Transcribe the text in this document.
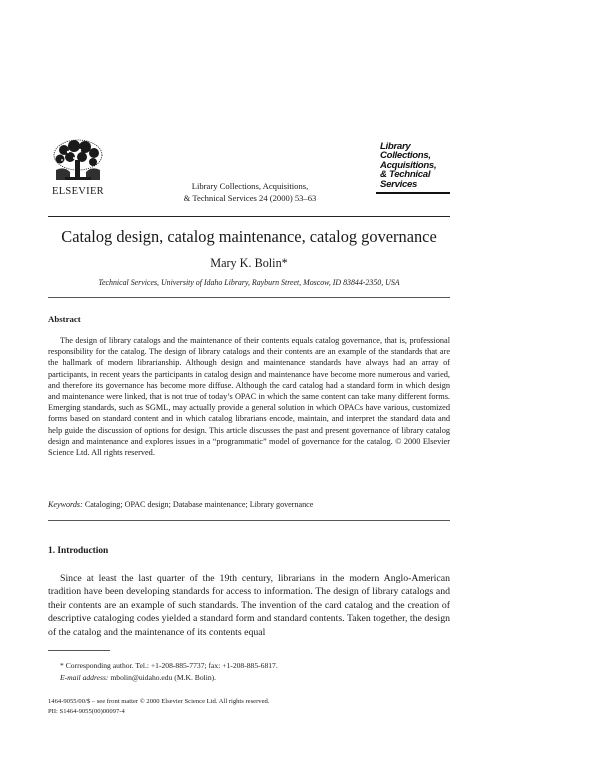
ELSEVIER	Library Collections, Acquisitions,
& Technical Services 24 (2000) 53–63
Library
Collections,
Acquisitions,
& Technical
Services
Catalog design, catalog maintenance, catalog governance
Mary K. Bolin*
Technical Services, University of Idaho Library, Rayburn Street, Moscow, ID 83844-2350, USA
Abstract

The design of library catalogs and the maintenance of their contents equals catalog governance, that is, professional responsibility for the catalog. The design of library catalogs and their contents are an example of the standards that are the hallmark of modern librarianship. Although design and maintenance standards have always had an array of participants, in recent years the participants in catalog design and maintenance have become more numerous and varied, and therefore its governance has become more diffuse. Although the card catalog had a standard form in which design and maintenance were linked, that is not true of today’s OPAC in which the same content can take many different forms. Emerging standards, such as SGML, may actually provide a general solution in which OPACs have various, customized forms based on standard content and in which catalog librarians encode, maintain, and interpret the standard data and help guide the discussion of options for design. This article discusses the past and present governance of library catalog design and maintenance and explores issues in a “programmatic” model of governance for the catalog. © 2000 Elsevier Science Ltd. All rights reserved.

Keywords: Cataloging; OPAC design; Database maintenance; Library governance
1. Introduction

Since at least the last quarter of the 19th century, librarians in the modern Anglo-American tradition have been developing standards for access to information. The design of library catalogs and their contents are an example of such standards. The invention of the card catalog and the creation of descriptive cataloging codes yielded a standard form and standard contents. Taken together, the design of the catalog and the maintenance of its contents equal

* Corresponding author. Tel.: +1-208-885-7737; fax: +1-208-885-6817.
E-mail address: mbolin@uidaho.edu (M.K. Bolin).
1464-9055/00/$ – see front matter © 2000 Elsevier Science Ltd. All rights reserved.
PII: S1464-9055(00)00097-4
